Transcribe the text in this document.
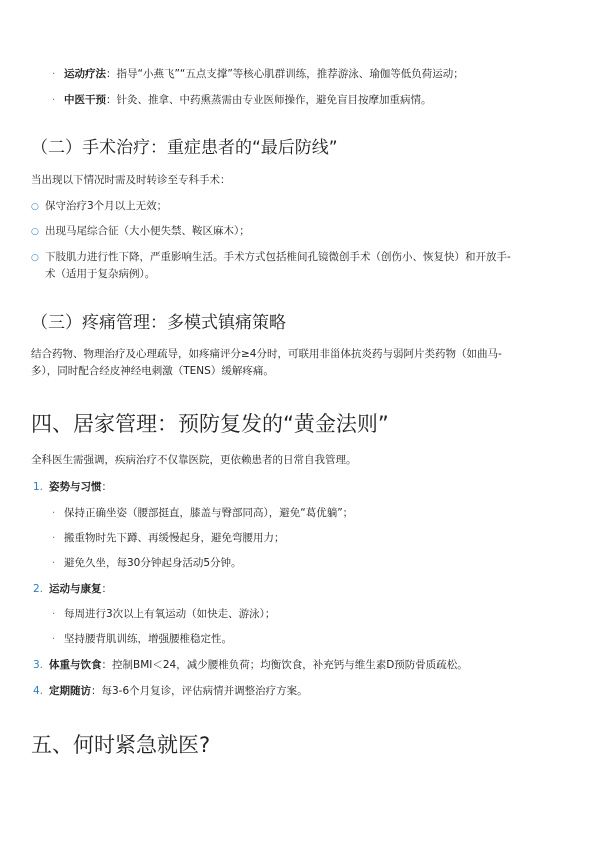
· 运动疗法：指导“小燕飞”“五点支撑”等核心肌群训练，推荐游泳、瑜伽等低负荷运动；
· 中医干预：针灸、推拿、中药熏蒸需由专业医师操作，避免盲目按摩加重病情。
（二）手术治疗：重症患者的“最后防线”
当出现以下情况时需及时转诊至专科手术：
○ 保守治疗3个月以上无效；
○ 出现马尾综合征（大小便失禁、鞍区麻木）；
○ 下肢肌力进行性下降，严重影响生活。手术方式包括椎间孔镜微创手术（创伤小、恢复快）和开放手-
术（适用于复杂病例）。
（三）疼痛管理：多模式镇痛策略
结合药物、物理治疗及心理疏导，如疼痛评分≥4分时，可联用非甾体抗炎药与弱阿片类药物（如曲马-
多），同时配合经皮神经电刺激（TENS）缓解疼痛。
四、居家管理：预防复发的“黄金法则”
全科医生需强调，疾病治疗不仅靠医院，更依赖患者的日常自我管理。
1. 姿势与习惯：
· 保持正确坐姿（腰部挺直，膝盖与臀部同高），避免“葛优躺”；
· 搬重物时先下蹲、再缓慢起身，避免弯腰用力；
· 避免久坐，每30分钟起身活动5分钟。
2. 运动与康复：
· 每周进行3次以上有氧运动（如快走、游泳）；
· 坚持腰背肌训练，增强腰椎稳定性。
3. 体重与饮食：控制BMI＜24，减少腰椎负荷；均衡饮食，补充钙与维生素D预防骨质疏松。
4. 定期随访：每3-6个月复诊，评估病情并调整治疗方案。
五、何时紧急就医?
